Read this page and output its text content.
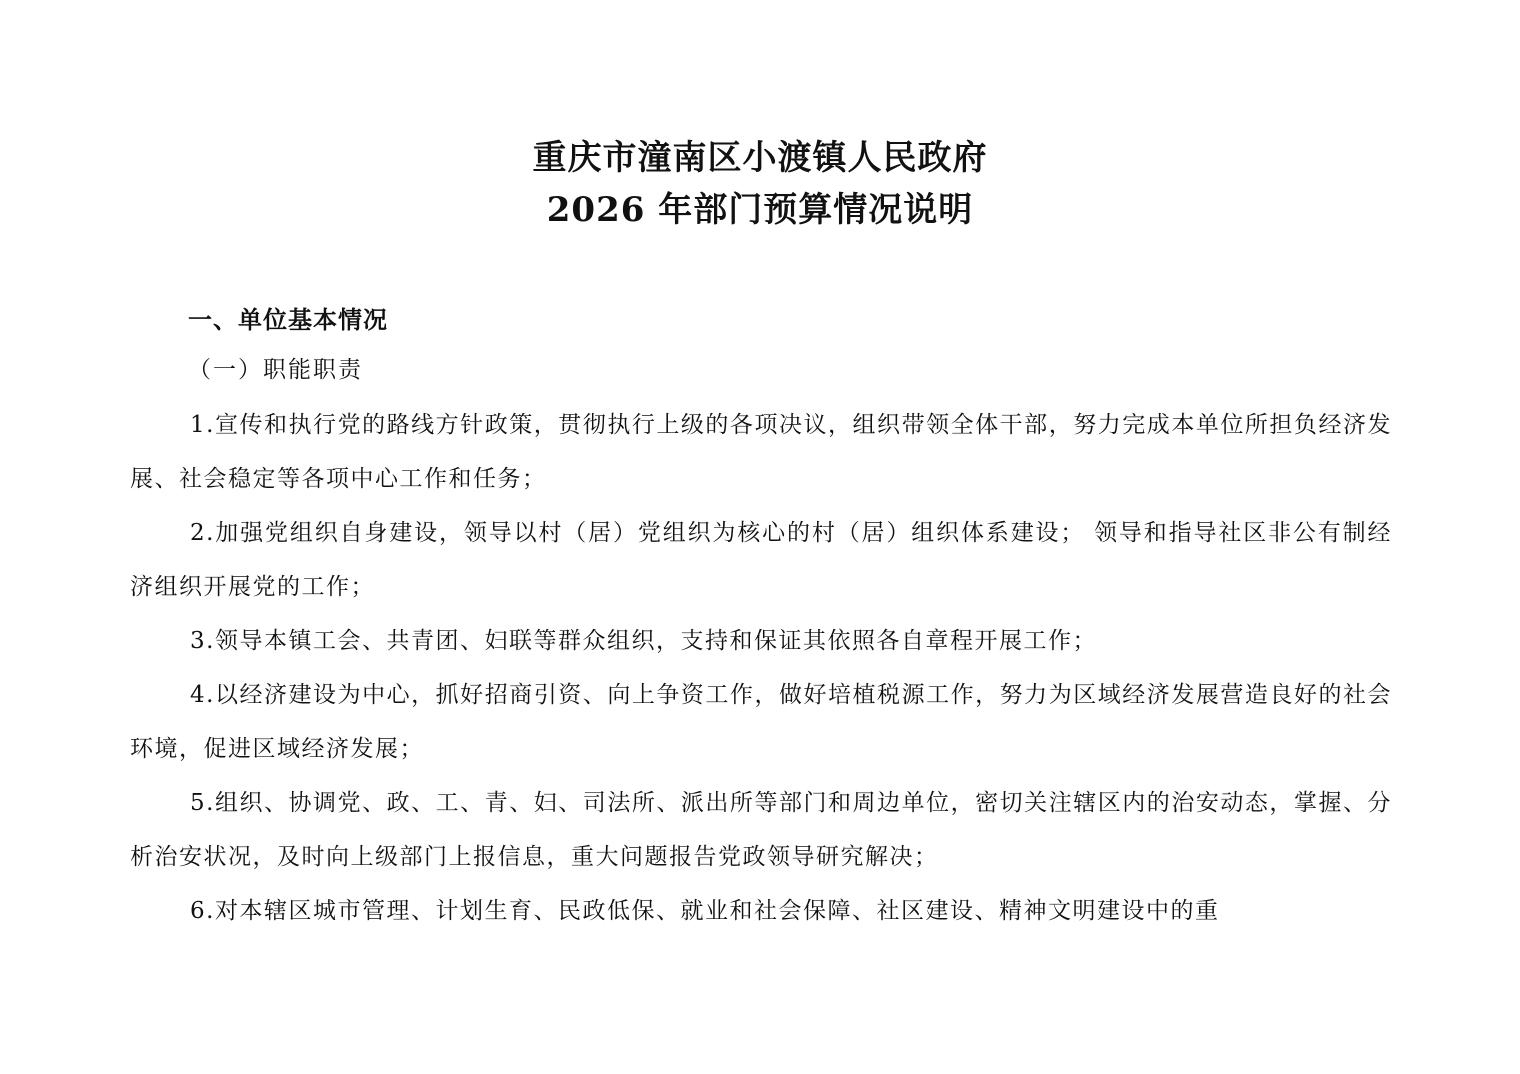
重庆市潼南区小渡镇人民政府
2026 年部门预算情况说明
一、单位基本情况
（一）职能职责

1.宣传和执行党的路线方针政策，贯彻执行上级的各项决议，组织带领全体干部，努力完成本单位所担负经济发展、社会稳定等各项中心工作和任务；

2.加强党组织自身建设，领导以村（居）党组织为核心的村（居）组织体系建设； 领导和指导社区非公有制经济组织开展党的工作；

3.领导本镇工会、共青团、妇联等群众组织，支持和保证其依照各自章程开展工作；

4.以经济建设为中心，抓好招商引资、向上争资工作，做好培植税源工作，努力为区域经济发展营造良好的社会环境，促进区域经济发展；

5.组织、协调党、政、工、青、妇、司法所、派出所等部门和周边单位，密切关注辖区内的治安动态，掌握、分析治安状况，及时向上级部门上报信息，重大问题报告党政领导研究解决；

6.对本辖区城市管理、计划生育、民政低保、就业和社会保障、社区建设、精神文明建设中的重
